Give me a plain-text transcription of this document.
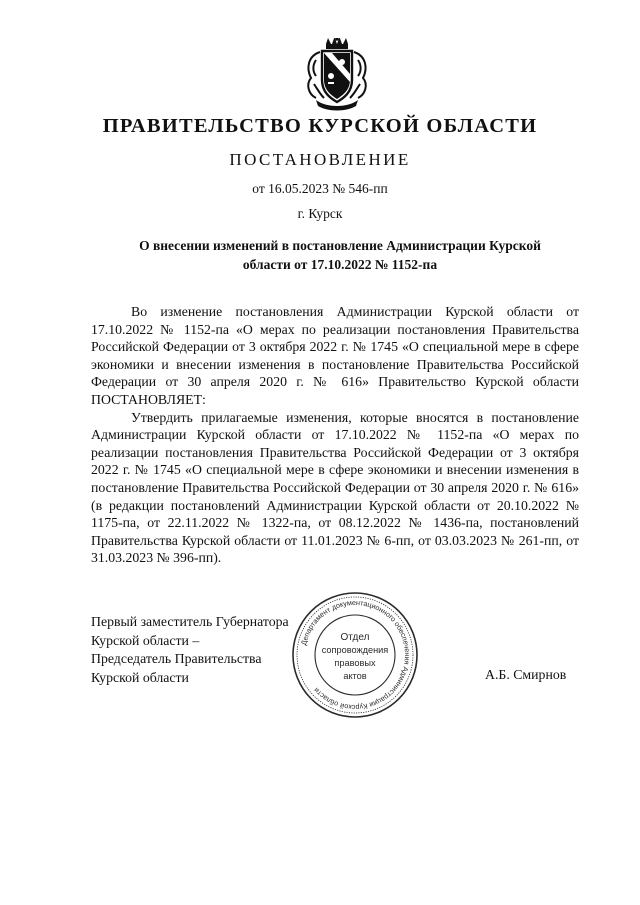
ПРАВИТЕЛЬСТВО КУРСКОЙ ОБЛАСТИ
ПОСТАНОВЛЕНИЕ
от 16.05.2023 № 546-пп
г. Курск
О внесении изменений в постановление Администрации Курской
области от 17.10.2022 № 1152-па

Во изменение постановления Администрации Курской области от 17.10.2022 № 1152-па «О мерах по реализации постановления Правительства Российской Федерации от 3 октября 2022 г. № 1745 «О специальной мере в сфере экономики и внесении изменения в постановление Правительства Российской Федерации от 30 апреля 2020 г. № 616» Правительство Курской области ПОСТАНОВЛЯЕТ:

Утвердить прилагаемые изменения, которые вносятся в постановление Администрации Курской области от 17.10.2022 № 1152-па «О мерах по реализации постановления Правительства Российской Федерации от 3 октября 2022 г. № 1745 «О специальной мере в сфере экономики и внесении изменения в постановление Правительства Российской Федерации от 30 апреля 2020 г. № 616» (в редакции постановлений Администрации Курской области от 20.10.2022 № 1175-па, от 22.11.2022 № 1322-па, от 08.12.2022 № 1436-па, постановлений Правительства Курской области от 11.01.2023 № 6-пп, от 03.03.2023 № 261-пп, от 31.03.2023 № 396-пп).

Первый заместитель Губернатора
Курской области –
Председатель Правительства
Курской области	А.Б. Смирнов
Департамент документационного обеспечения Администрации Курской области
Отдел
сопровождения
правовых
актов
